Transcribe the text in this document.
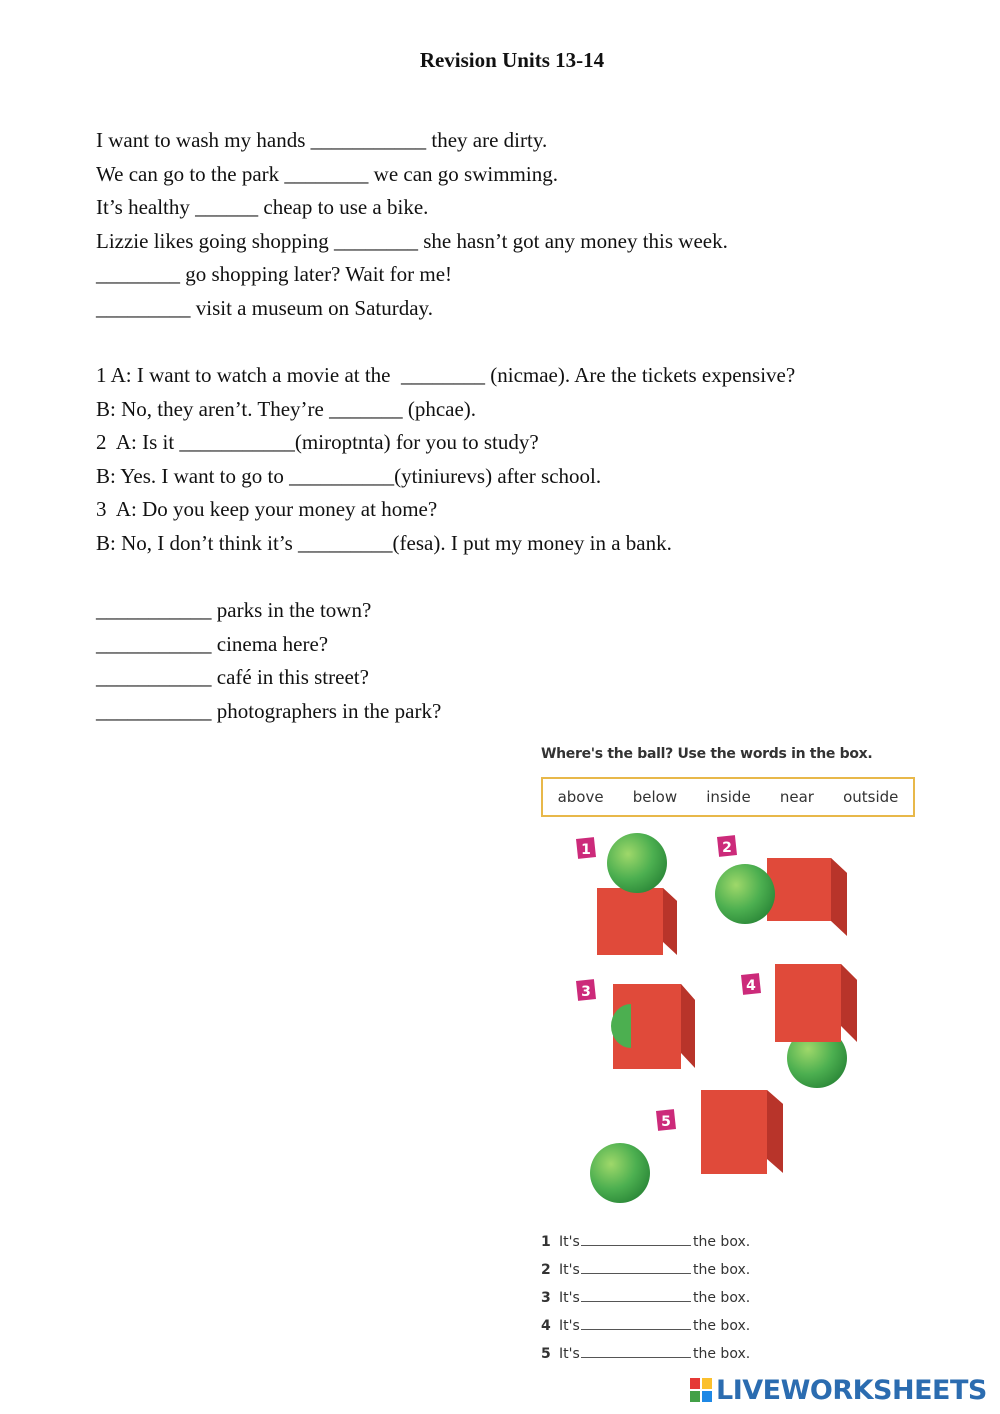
Revision Units 13-14
I want to wash my hands ___________ they are dirty.
We can go to the park ________ we can go swimming.
It’s healthy ______ cheap to use a bike.
Lizzie likes going shopping ________ she hasn’t got any money this week.
________ go shopping later? Wait for me!
_________ visit a museum on Saturday.
1 A: I want to watch a movie at the  ________ (nicmae). Are the tickets expensive?
B: No, they aren’t. They’re _______ (phcae).
2  A: Is it ___________(miroptnta) for you to study?
B: Yes. I want to go to __________(ytiniurevs) after school.
3  A: Do you keep your money at home?
B: No, I don’t think it’s _________(fesa). I put my money in a bank.
___________ parks in the town?
___________ cinema here?
___________ café in this street?
___________ photographers in the park?
Where's the ball? Use the words in the box.
above below inside near outside
1	2
3	4
5
1 It's	the box.
2 It's	the box.
3 It's	the box.
4 It's	the box.
5 It's	the box.
LIVEWORKSHEETS
